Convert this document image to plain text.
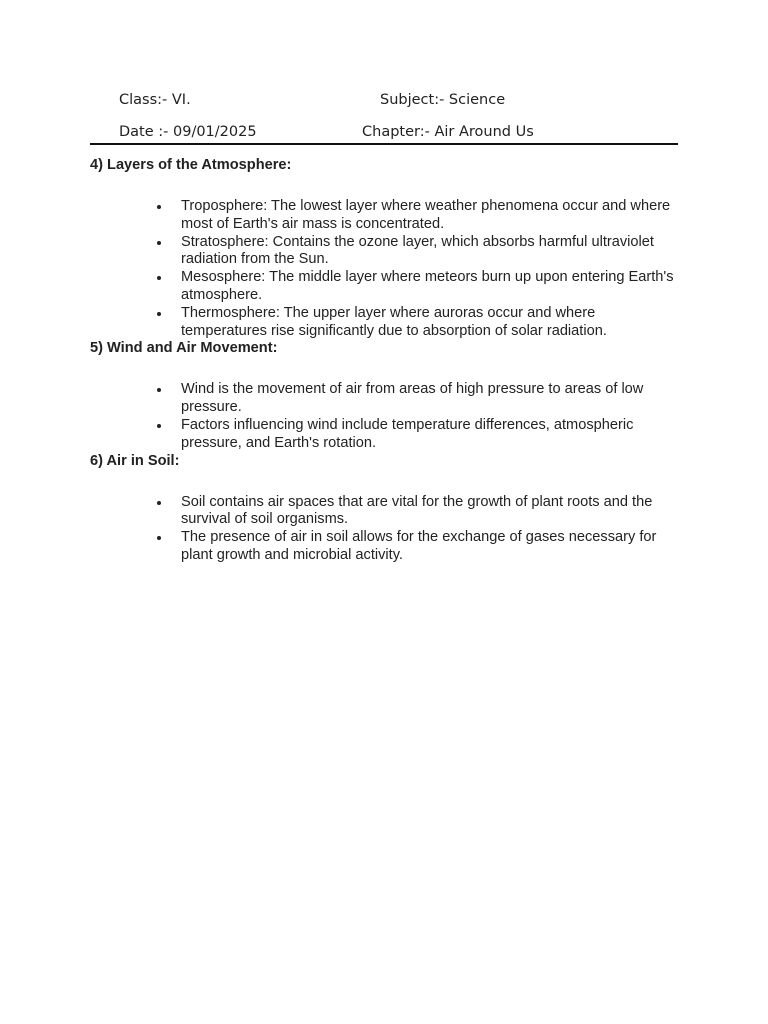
Class:- VI.	Subject:- Science
Date :- 09/01/2025	Chapter:- Air Around Us
4) Layers of the Atmosphere:
Troposphere: The lowest layer where weather phenomena occur and where most of Earth's air mass is concentrated.
Stratosphere: Contains the ozone layer, which absorbs harmful ultraviolet radiation from the Sun.
Mesosphere: The middle layer where meteors burn up upon entering Earth's atmosphere.
Thermosphere: The upper layer where auroras occur and where temperatures rise significantly due to absorption of solar radiation.
5) Wind and Air Movement:
Wind is the movement of air from areas of high pressure to areas of low pressure.
Factors influencing wind include temperature differences, atmospheric pressure, and Earth's rotation.
6) Air in Soil:
Soil contains air spaces that are vital for the growth of plant roots and the survival of soil organisms.
The presence of air in soil allows for the exchange of gases necessary for plant growth and microbial activity.
